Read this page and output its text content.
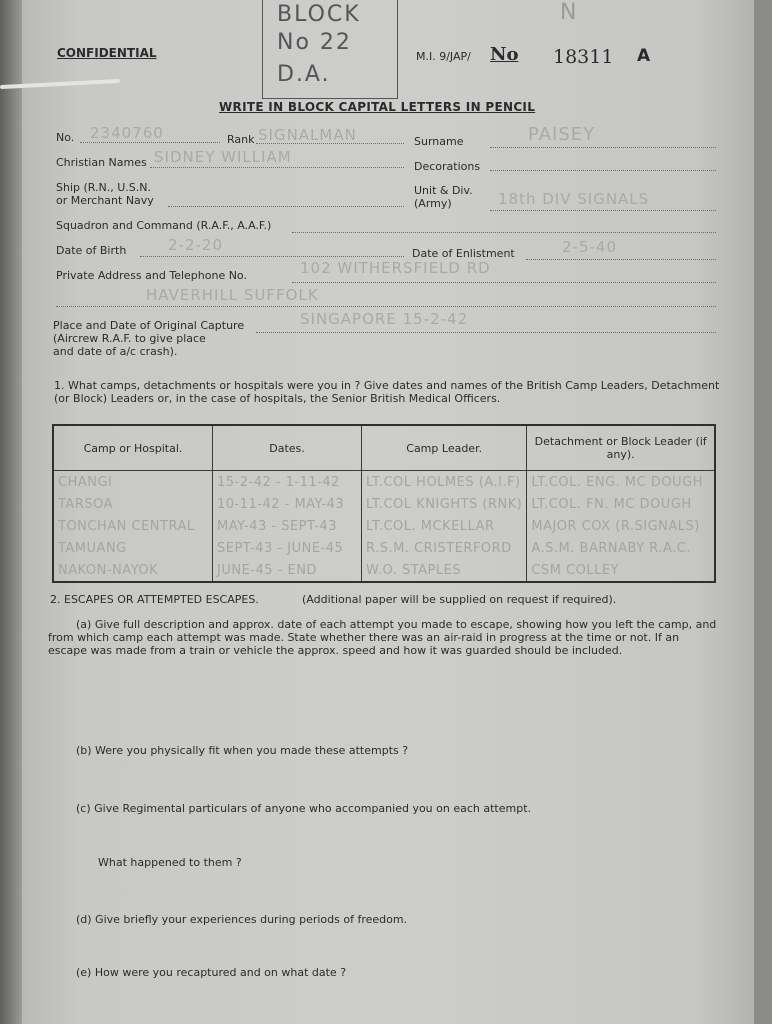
CONFIDENTIAL
BLOCK
No 22
D.A.
N
M.I. 9/JAP/ No 18311 A
WRITE IN BLOCK CAPITAL LETTERS IN PENCIL
No. 2340760	Rank SIGNALMAN	Surname	PAISEY
Christian Names SIDNEY WILLIAM
Decorations
Ship (R.N., U.S.N.
or Merchant Navy
Unit & Div.
(Army)	18th DIV SIGNALS
Squadron and Command (R.A.F., A.A.F.)
Date of Birth	2-2-20	Date of Enlistment	2-5-40
Private Address and Telephone No.	102 WITHERSFIELD RD
HAVERHILL SUFFOLK
Place and Date of Original Capture
(Aircrew R.A.F. to give place
and date of a/c crash).
SINGAPORE 15-2-42
1. What camps, detachments or hospitals were you in ? Give dates and names of the British Camp Leaders, Detachment (or Block) Leaders or, in the case of hospitals, the Senior British Medical Officers.
Camp or Hospital.	Dates.	Camp Leader.	Detachment or Block Leader (if any).
CHANGI	15-2-42 - 1-11-42	LT.COL HOLMES (A.I.F)	LT.COL. ENG. MC DOUGH
TARSOA	10-11-42 - MAY-43	LT.COL KNIGHTS (RNK)	LT.COL. FN. MC DOUGH
TONCHAN CENTRAL	MAY-43 - SEPT-43	LT.COL. MCKELLAR	MAJOR COX (R.SIGNALS)
TAMUANG	SEPT-43 - JUNE-45	R.S.M. CRISTERFORD	A.S.M. BARNABY R.A.C.
NAKON-NAYOK	JUNE-45 - END	W.O. STAPLES	CSM COLLEY
2. ESCAPES OR ATTEMPTED ESCAPES.	(Additional paper will be supplied on request if required).
(a) Give full description and approx. date of each attempt you made to escape, showing how you left the camp, and from which camp each attempt was made. State whether there was an air-raid in progress at the time or not. If an escape was made from a train or vehicle the approx. speed and how it was guarded should be included.
(b) Were you physically fit when you made these attempts ?
(c) Give Regimental particulars of anyone who accompanied you on each attempt.
What happened to them ?
(d) Give briefly your experiences during periods of freedom.
(e) How were you recaptured and on what date ?
